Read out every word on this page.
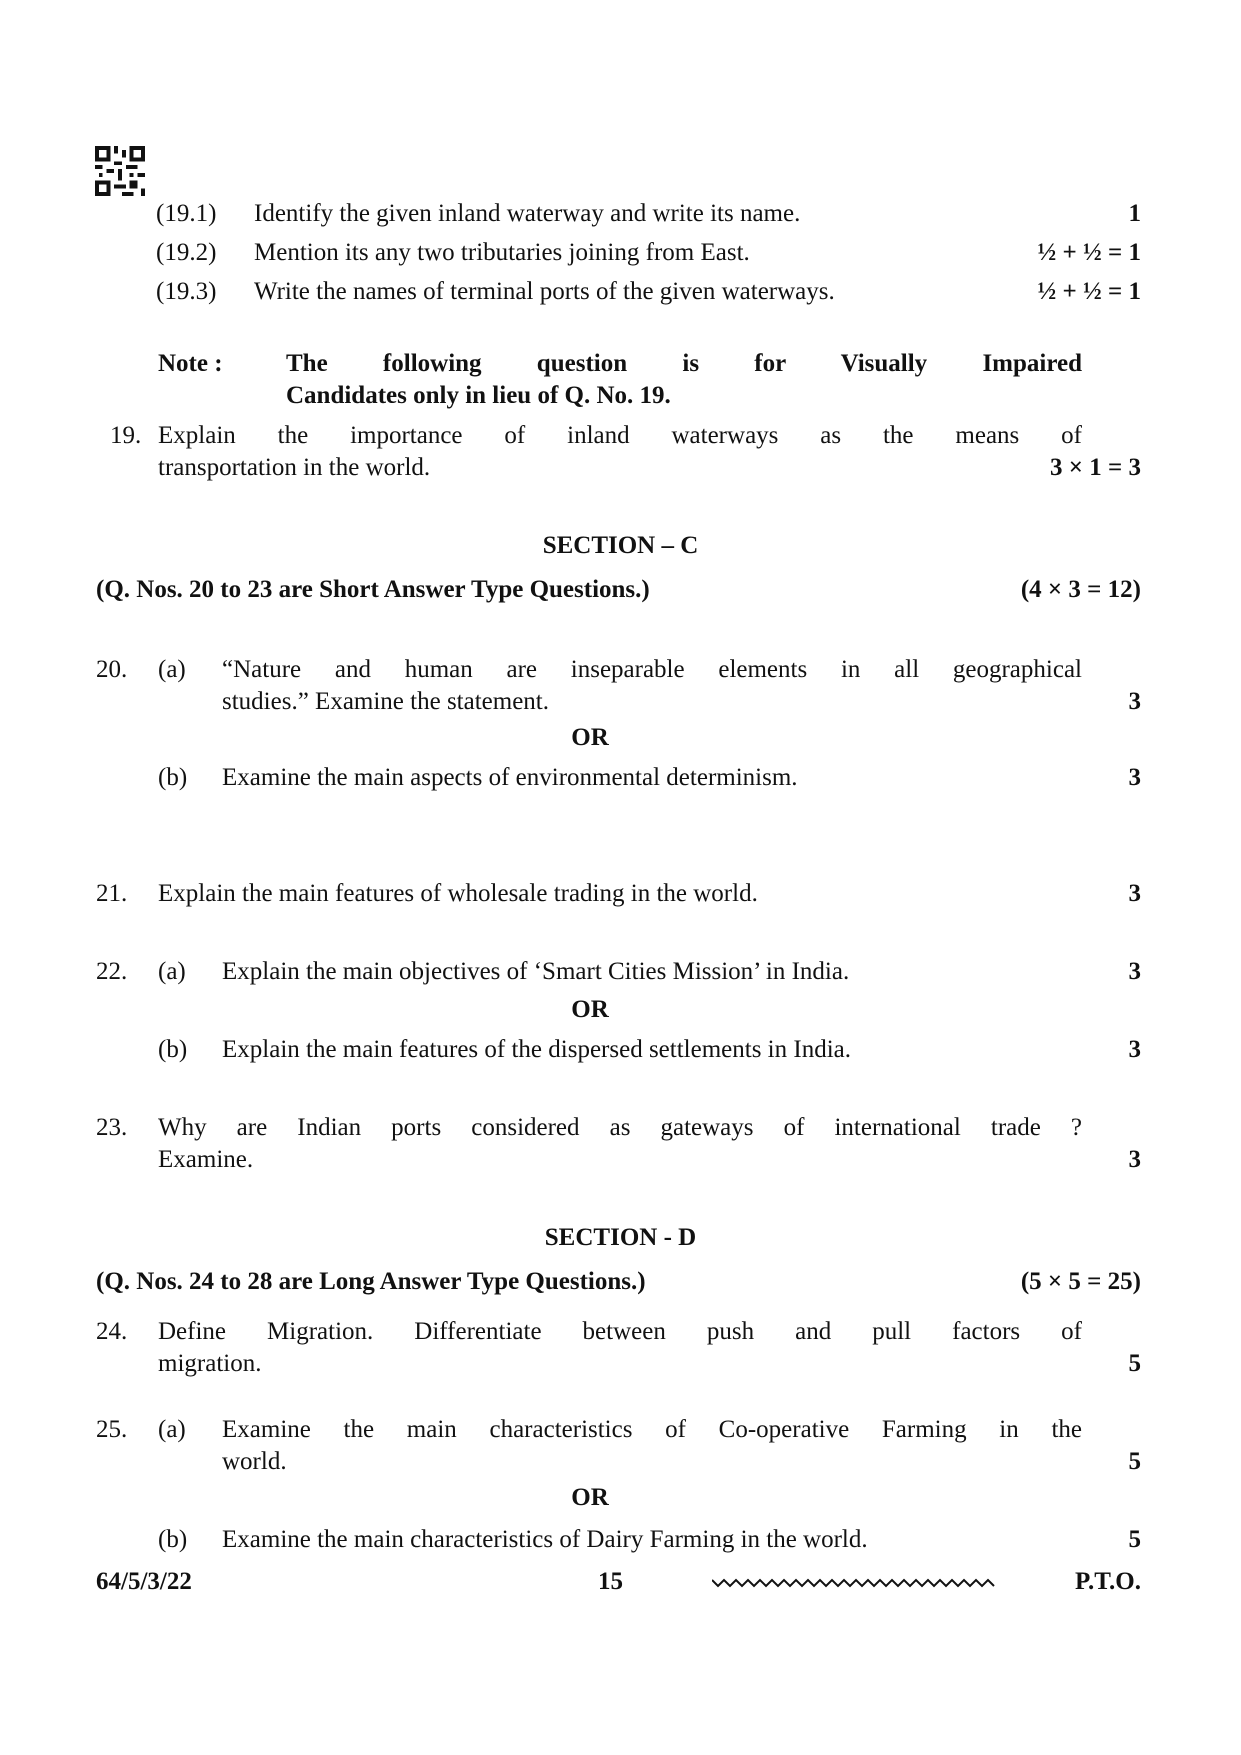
(19.1) Identify the given inland waterway and write its name.	1
(19.2) Mention its any two tributaries joining from East.	½ + ½ = 1
(19.3) Write the names of terminal ports of the given waterways.	½ + ½ = 1
Note :	The following question is for Visually Impaired
Candidates only in lieu of Q. No. 19.
19. Explain the importance of inland waterways as the means of
transportation in the world.	3 × 1 = 3
SECTION – C
(Q. Nos. 20 to 23 are Short Answer Type Questions.)	(4 × 3 = 12)
20. (a) “Nature and human are inseparable elements in all geographical
studies.” Examine the statement.	3
OR
(b) Examine the main aspects of environmental determinism.	3
21. Explain the main features of wholesale trading in the world.	3
22. (a) Explain the main objectives of ‘Smart Cities Mission’ in India.	3
OR
(b) Explain the main features of the dispersed settlements in India.	3
23. Why are Indian ports considered as gateways of international trade ?
Examine.	3
SECTION - D
(Q. Nos. 24 to 28 are Long Answer Type Questions.)	(5 × 5 = 25)
24. Define Migration. Differentiate between push and pull factors of
migration.	5
25. (a) Examine the main characteristics of Co-operative Farming in the
world.	5
OR
(b) Examine the main characteristics of Dairy Farming in the world.	5
64/5/3/22	15	P.T.O.
